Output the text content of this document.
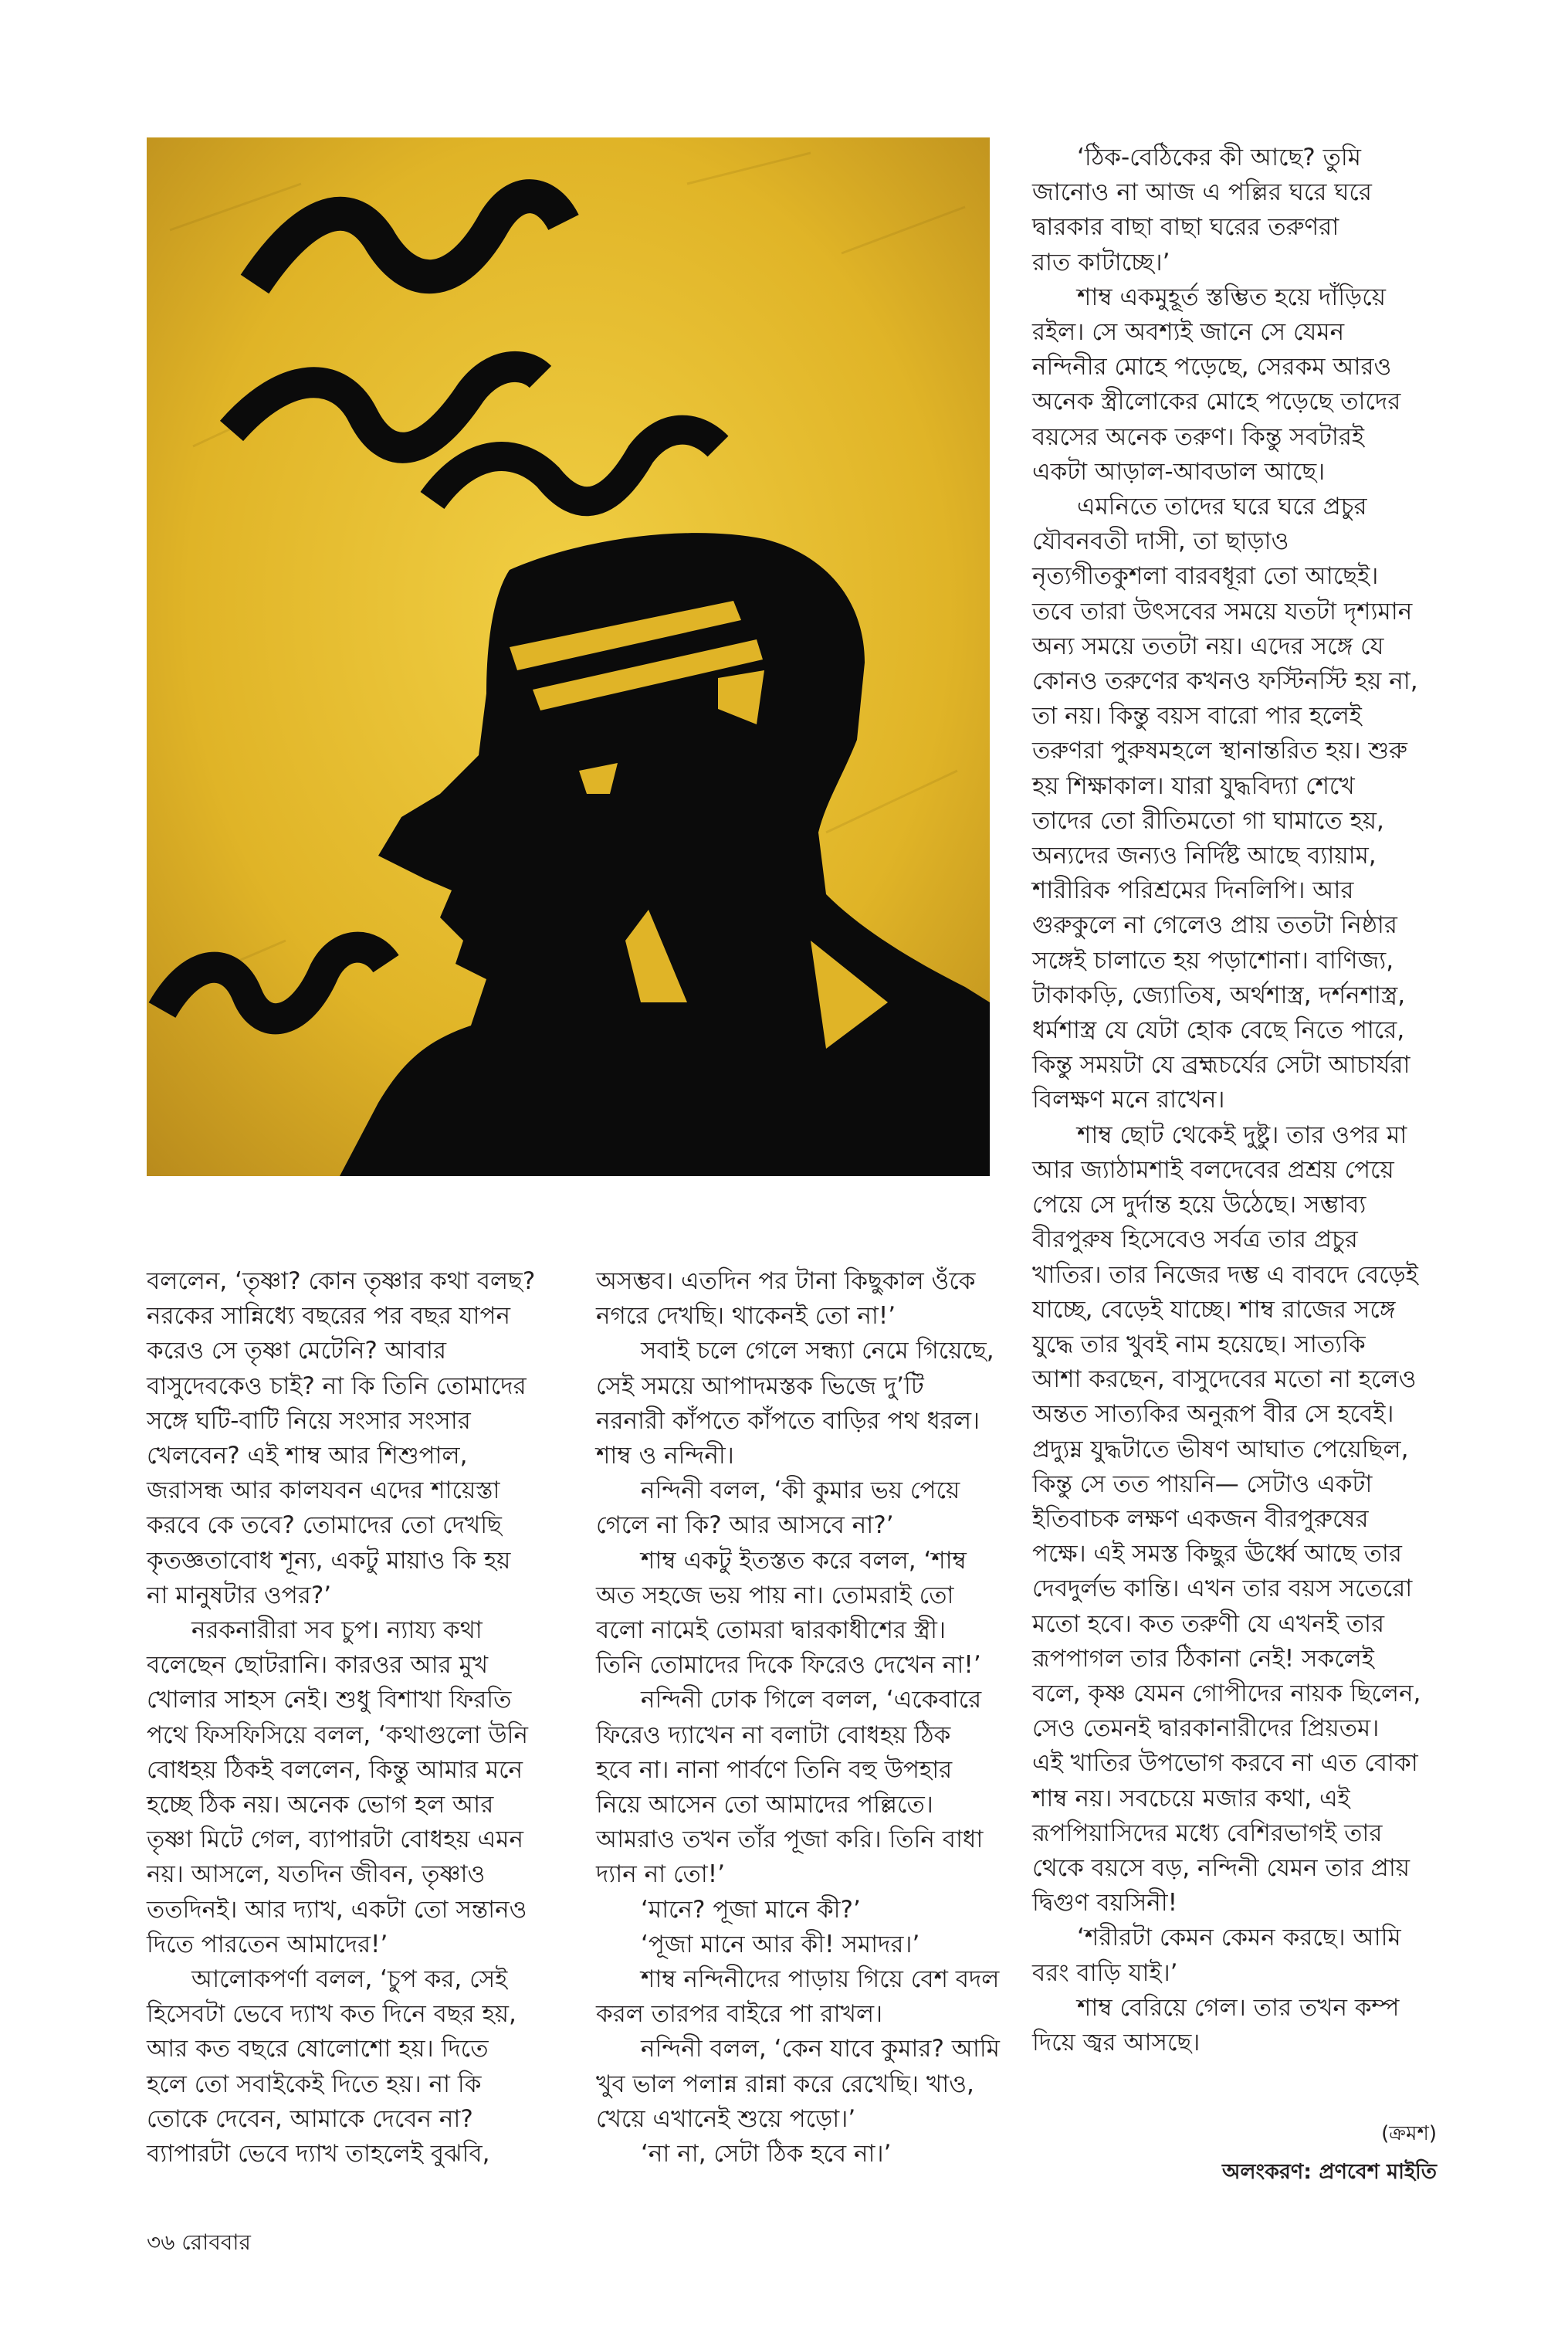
বললেন, ‘তৃষ্ণা? কোন তৃষ্ণার কথা বলছ?
নরকের সান্নিধ্যে বছরের পর বছর যাপন
করেও সে তৃষ্ণা মেটেনি? আবার
বাসুদেবকেও চাই? না কি তিনি তোমাদের
সঙ্গে ঘটি-বাটি নিয়ে সংসার সংসার
খেলবেন? এই শাম্ব আর শিশুপাল,
জরাসন্ধ আর কালযবন এদের শায়েস্তা
করবে কে তবে? তোমাদের তো দেখছি
কৃতজ্ঞতাবোধ শূন্য, একটু মায়াও কি হয়
না মানুষটার ওপর?’

নরকনারীরা সব চুপ। ন্যায্য কথা
বলেছেন ছোটরানি। কারওর আর মুখ
খোলার সাহস নেই। শুধু বিশাখা ফিরতি
পথে ফিসফিসিয়ে বলল, ‘কথাগুলো উনি
বোধহয় ঠিকই বললেন, কিন্তু আমার মনে
হচ্ছে ঠিক নয়। অনেক ভোগ হল আর
তৃষ্ণা মিটে গেল, ব্যাপারটা বোধহয় এমন
নয়। আসলে, যতদিন জীবন, তৃষ্ণাও
ততদিনই। আর দ্যাখ, একটা তো সন্তানও
দিতে পারতেন আমাদের!’

আলোকপর্ণা বলল, ‘চুপ কর, সেই
হিসেবটা ভেবে দ্যাখ কত দিনে বছর হয়,
আর কত বছরে ষোলোশো হয়। দিতে
হলে তো সবাইকেই দিতে হয়। না কি
তোকে দেবেন, আমাকে দেবেন না?
ব্যাপারটা ভেবে দ্যাখ তাহলেই বুঝবি,

অসম্ভব। এতদিন পর টানা কিছুকাল ওঁকে
নগরে দেখছি। থাকেনই তো না!’

সবাই চলে গেলে সন্ধ্যা নেমে গিয়েছে,
সেই সময়ে আপাদমস্তক ভিজে দু’টি
নরনারী কাঁপতে কাঁপতে বাড়ির পথ ধরল।
শাম্ব ও নন্দিনী।

নন্দিনী বলল, ‘কী কুমার ভয় পেয়ে
গেলে না কি? আর আসবে না?’

শাম্ব একটু ইতস্তত করে বলল, ‘শাম্ব
অত সহজে ভয় পায় না। তোমরাই তো
বলো নামেই তোমরা দ্বারকাধীশের স্ত্রী।
তিনি তোমাদের দিকে ফিরেও দেখেন না!’

নন্দিনী ঢোক গিলে বলল, ‘একেবারে
ফিরেও দ্যাখেন না বলাটা বোধহয় ঠিক
হবে না। নানা পার্বণে তিনি বহু উপহার
নিয়ে আসেন তো আমাদের পল্লিতে।
আমরাও তখন তাঁর পূজা করি। তিনি বাধা
দ্যান না তো!’

‘মানে? পূজা মানে কী?’

‘পূজা মানে আর কী! সমাদর।’

শাম্ব নন্দিনীদের পাড়ায় গিয়ে বেশ বদল
করল তারপর বাইরে পা রাখল।

নন্দিনী বলল, ‘কেন যাবে কুমার? আমি
খুব ভাল পলান্ন রান্না করে রেখেছি। খাও,
খেয়ে এখানেই শুয়ে পড়ো।’

‘না না, সেটা ঠিক হবে না।’

‘ঠিক-বেঠিকের কী আছে? তুমি
জানোও না আজ এ পল্লির ঘরে ঘরে
দ্বারকার বাছা বাছা ঘরের তরুণরা
রাত কাটাচ্ছে।’

শাম্ব একমুহূর্ত স্তম্ভিত হয়ে দাঁড়িয়ে
রইল। সে অবশ্যই জানে সে যেমন
নন্দিনীর মোহে পড়েছে, সেরকম আরও
অনেক স্ত্রীলোকের মোহে পড়েছে তাদের
বয়সের অনেক তরুণ। কিন্তু সবটারই
একটা আড়াল-আবডাল আছে।

এমনিতে তাদের ঘরে ঘরে প্রচুর
যৌবনবতী দাসী, তা ছাড়াও
নৃত্যগীতকুশলা বারবধূরা তো আছেই।
তবে তারা উৎসবের সময়ে যতটা দৃশ্যমান
অন্য সময়ে ততটা নয়। এদের সঙ্গে যে
কোনও তরুণের কখনও ফস্টিনস্টি হয় না,
তা নয়। কিন্তু বয়স বারো পার হলেই
তরুণরা পুরুষমহলে স্থানান্তরিত হয়। শুরু
হয় শিক্ষাকাল। যারা যুদ্ধবিদ্যা শেখে
তাদের তো রীতিমতো গা ঘামাতে হয়,
অন্যদের জন্যও নির্দিষ্ট আছে ব্যায়াম,
শারীরিক পরিশ্রমের দিনলিপি। আর
গুরুকুলে না গেলেও প্রায় ততটা নিষ্ঠার
সঙ্গেই চালাতে হয় পড়াশোনা। বাণিজ্য,
টাকাকড়ি, জ্যোতিষ, অর্থশাস্ত্র, দর্শনশাস্ত্র,
ধর্মশাস্ত্র যে যেটা হোক বেছে নিতে পারে,
কিন্তু সময়টা যে ব্রহ্মচর্যের সেটা আচার্যরা
বিলক্ষণ মনে রাখেন।

শাম্ব ছোট থেকেই দুষ্টু। তার ওপর মা
আর জ্যাঠামশাই বলদেবের প্রশ্রয় পেয়ে
পেয়ে সে দুর্দান্ত হয়ে উঠেছে। সম্ভাব্য
বীরপুরুষ হিসেবেও সর্বত্র তার প্রচুর
খাতির। তার নিজের দম্ভ এ বাবদে বেড়েই
যাচ্ছে, বেড়েই যাচ্ছে। শাম্ব রাজের সঙ্গে
যুদ্ধে তার খুবই নাম হয়েছে। সাত্যকি
আশা করছেন, বাসুদেবের মতো না হলেও
অন্তত সাত্যকির অনুরূপ বীর সে হবেই।
প্রদ্যুম্ন যুদ্ধটাতে ভীষণ আঘাত পেয়েছিল,
কিন্তু সে তত পায়নি— সেটাও একটা
ইতিবাচক লক্ষণ একজন বীরপুরুষের
পক্ষে। এই সমস্ত কিছুর ঊর্ধ্বে আছে তার
দেবদুর্লভ কান্তি। এখন তার বয়স সতেরো
মতো হবে। কত তরুণী যে এখনই তার
রূপপাগল তার ঠিকানা নেই! সকলেই
বলে, কৃষ্ণ যেমন গোপীদের নায়ক ছিলেন,
সেও তেমনই দ্বারকানারীদের প্রিয়তম।
এই খাতির উপভোগ করবে না এত বোকা
শাম্ব নয়। সবচেয়ে মজার কথা, এই
রূপপিয়াসিদের মধ্যে বেশিরভাগই তার
থেকে বয়সে বড়, নন্দিনী যেমন তার প্রায়
দ্বিগুণ বয়সিনী!

‘শরীরটা কেমন কেমন করছে। আমি
বরং বাড়ি যাই।’

শাম্ব বেরিয়ে গেল। তার তখন কম্প
দিয়ে জ্বর আসছে।

(ক্রমশ)
অলংকরণ: প্রণবেশ মাইতি
৩৬ রোববার
